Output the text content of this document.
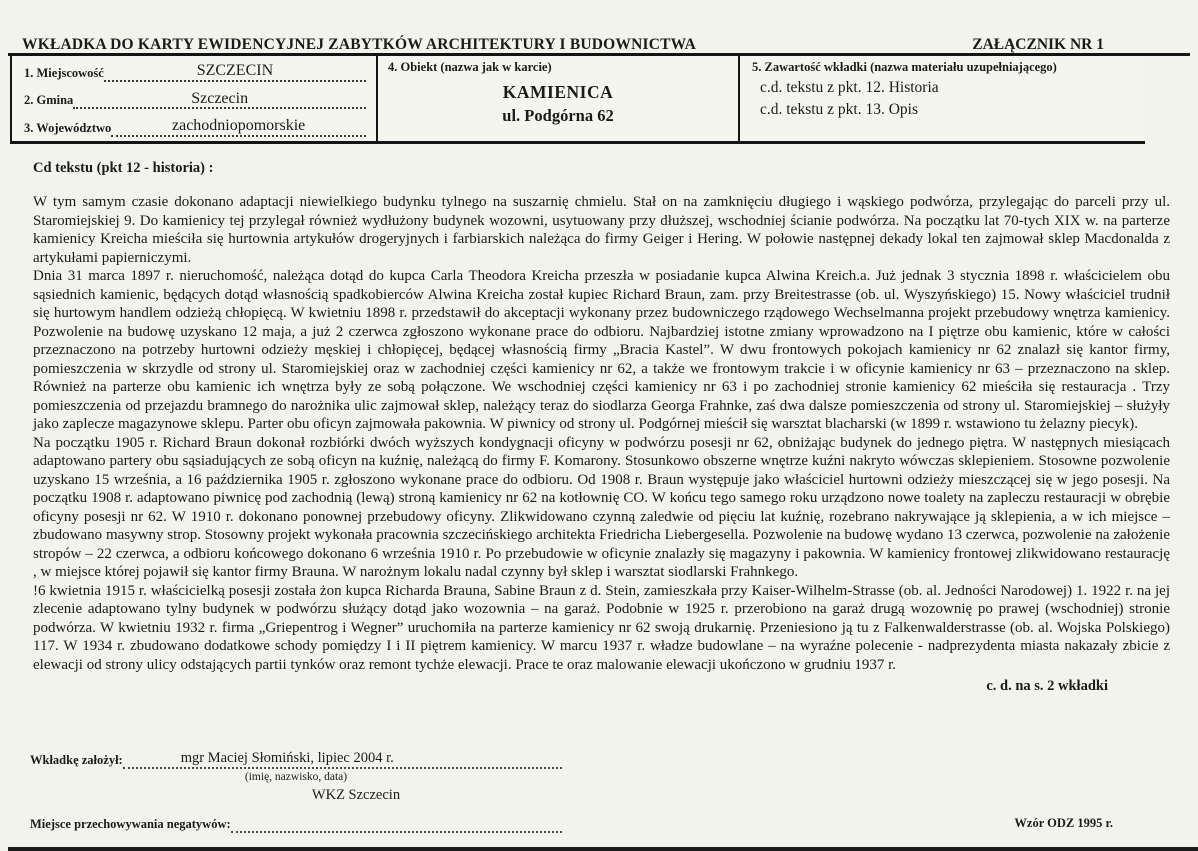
WKŁADKA DO KARTY EWIDENCYJNEJ ZABYTKÓW ARCHITEKTURY I BUDOWNICTWA	ZAŁĄCZNIK NR 1
1. Miejscowość	SZCZECIN
2. Gmina	Szczecin
3. Województwo	zachodniopomorskie
4. Obiekt (nazwa jak w karcie)
KAMIENICA
ul. Podgórna 62
5. Zawartość wkładki (nazwa materiału uzupełniającego)
c.d. tekstu z pkt. 12. Historia
c.d. tekstu z pkt. 13. Opis

Cd tekstu (pkt 12 - historia) :

W tym samym czasie dokonano adaptacji niewielkiego budynku tylnego na suszarnię chmielu. Stał on na zamknięciu długiego i wąskiego podwórza, przylegając do parceli przy ul. Staromiejskiej 9. Do kamienicy tej przylegał również wydłużony budynek wozowni, usytuowany przy dłuższej, wschodniej ścianie podwórza. Na początku lat 70-tych XIX w. na parterze kamienicy Kreicha mieściła się hurtownia artykułów drogeryjnych i farbiarskich należąca do firmy Geiger i Hering. W połowie następnej dekady lokal ten zajmował sklep Macdonalda z artykułami papierniczymi.

Dnia 31 marca 1897 r. nieruchomość, należąca dotąd do kupca Carla Theodora Kreicha przeszła w posiadanie kupca Alwina Kreich.a. Już jednak 3 stycznia 1898 r. właścicielem obu sąsiednich kamienic, będących dotąd własnością spadkobierców Alwina Kreicha został kupiec Richard Braun, zam. przy Breitestrasse (ob. ul. Wyszyńskiego) 15. Nowy właściciel trudnił się hurtowym handlem odzieżą chłopięcą. W kwietniu 1898 r. przedstawił do akceptacji wykonany przez budowniczego rządowego Wechselmanna projekt przebudowy wnętrza kamienicy. Pozwolenie na budowę uzyskano 12 maja, a już 2 czerwca zgłoszono wykonane prace do odbioru. Najbardziej istotne zmiany wprowadzono na I piętrze obu kamienic, które w całości przeznaczono na potrzeby hurtowni odzieży męskiej i chłopięcej, będącej własnością firmy „Bracia Kastel”. W dwu frontowych pokojach kamienicy nr 62 znalazł się kantor firmy, pomieszczenia w skrzydle od strony ul. Staromiejskiej oraz w zachodniej części kamienicy nr 62, a także we frontowym trakcie i w oficynie kamienicy nr 63 – przeznaczono na sklep. Również na parterze obu kamienic ich wnętrza były ze sobą połączone. We wschodniej części kamienicy nr 63 i po zachodniej stronie kamienicy 62 mieściła się restauracja . Trzy pomieszczenia od przejazdu bramnego do narożnika ulic zajmował sklep, należący teraz do siodlarza Georga Frahnke, zaś dwa dalsze pomieszczenia od strony ul. Staromiejskiej – służyły jako zaplecze magazynowe sklepu. Parter obu oficyn zajmowała pakownia. W piwnicy od strony ul. Podgórnej mieścił się warsztat blacharski (w 1899 r. wstawiono tu żelazny piecyk).

Na początku 1905 r. Richard Braun dokonał rozbiórki dwóch wyższych kondygnacji oficyny w podwórzu posesji nr 62, obniżając budynek do jednego piętra. W następnych miesiącach adaptowano partery obu sąsiadujących ze sobą oficyn na kuźnię, należącą do firmy F. Komarony. Stosunkowo obszerne wnętrze kuźni nakryto wówczas sklepieniem. Stosowne pozwolenie uzyskano 15 września, a 16 października 1905 r. zgłoszono wykonane prace do odbioru. Od 1908 r. Braun występuje jako właściciel hurtowni odzieży mieszczącej się w jego posesji. Na początku 1908 r. adaptowano piwnicę pod zachodnią (lewą) stroną kamienicy nr 62 na kotłownię CO. W końcu tego samego roku urządzono nowe toalety na zapleczu restauracji w obrębie oficyny posesji nr 62. W 1910 r. dokonano ponownej przebudowy oficyny. Zlikwidowano czynną zaledwie od pięciu lat kuźnię, rozebrano nakrywające ją sklepienia, a w ich miejsce – zbudowano masywny strop. Stosowny projekt wykonała pracownia szczecińskiego architekta Friedricha Liebergesella. Pozwolenie na budowę wydano 13 czerwca, pozwolenie na założenie stropów – 22 czerwca, a odbioru końcowego dokonano 6 września 1910 r. Po przebudowie w oficynie znalazły się magazyny i pakownia. W kamienicy frontowej zlikwidowano restaurację , w miejsce której pojawił się kantor firmy Brauna. W narożnym lokalu nadal czynny był sklep i warsztat siodlarski Frahnkego.

!6 kwietnia 1915 r. właścicielką posesji została żon kupca Richarda Brauna, Sabine Braun z d. Stein, zamieszkała przy Kaiser-Wilhelm-Strasse (ob. al. Jedności Narodowej) 1. 1922 r. na jej zlecenie adaptowano tylny budynek w podwórzu służący dotąd jako wozownia – na garaż. Podobnie w 1925 r. przerobiono na garaż drugą wozownię po prawej (wschodniej) stronie podwórza. W kwietniu 1932 r. firma „Griepentrog i Wegner” uruchomiła na parterze kamienicy nr 62 swoją drukarnię. Przeniesiono ją tu z Falkenwalderstrasse (ob. al. Wojska Polskiego) 117. W 1934 r. zbudowano dodatkowe schody pomiędzy I i II piętrem kamienicy. W marcu 1937 r. władze budowlane – na wyraźne polecenie - nadprezydenta miasta nakazały zbicie z elewacji od strony ulicy odstających partii tynków oraz remont tychże elewacji. Prace te oraz malowanie elewacji ukończono w grudniu 1937 r.

c. d. na s. 2 wkładki

Wkładkę założył:	mgr Maciej Słomiński, lipiec 2004 r.
(imię, nazwisko, data)
WKZ Szczecin
Miejsce przechowywania negatywów:
	Wzór ODZ 1995 r.
